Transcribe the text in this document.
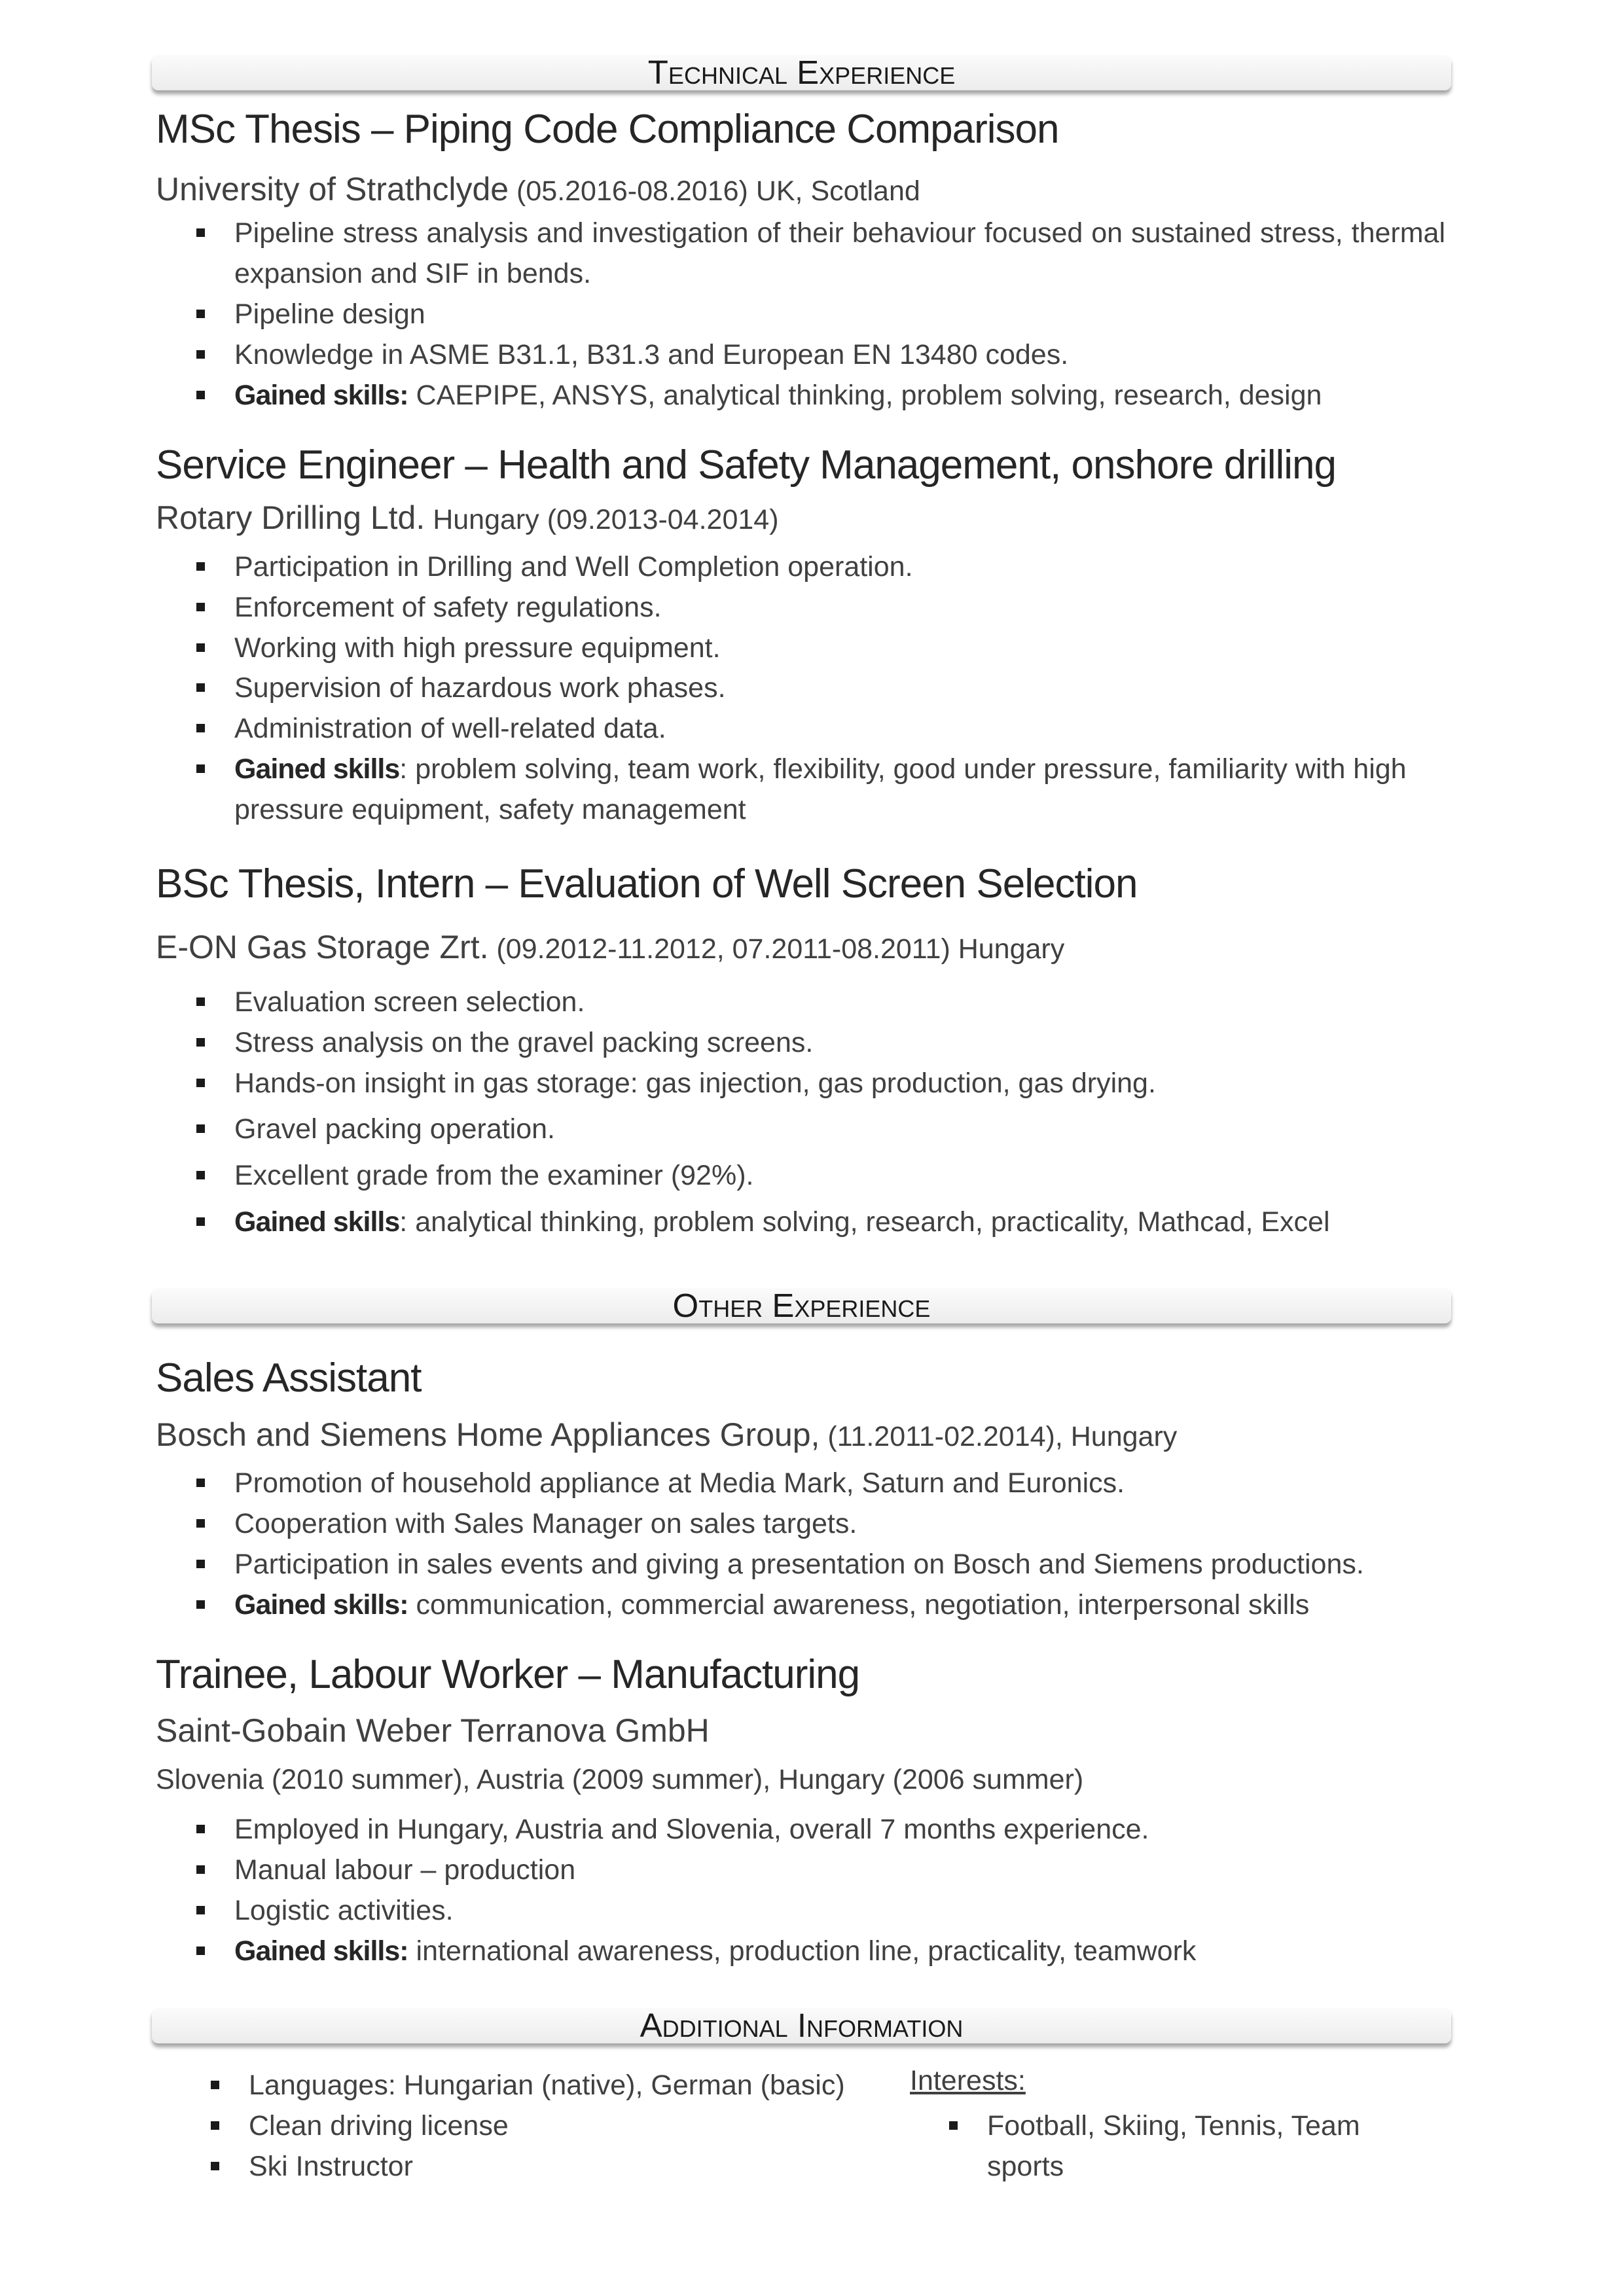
Technical Experience
MSc Thesis – Piping Code Compliance Comparison
University of Strathclyde (05.2016-08.2016) UK, Scotland
Pipeline stress analysis and investigation of their behaviour focused on sustained stress, thermal expansion and SIF in bends.
Pipeline design
Knowledge in ASME B31.1, B31.3 and European EN 13480 codes.
Gained skills: CAEPIPE, ANSYS, analytical thinking, problem solving, research, design
Service Engineer – Health and Safety Management, onshore drilling
Rotary Drilling Ltd. Hungary (09.2013-04.2014)
Participation in Drilling and Well Completion operation.
Enforcement of safety regulations.
Working with high pressure equipment.
Supervision of hazardous work phases.
Administration of well-related data.
Gained skills: problem solving, team work, flexibility, good under pressure, familiarity with high pressure equipment, safety management
BSc Thesis, Intern – Evaluation of Well Screen Selection
E-ON Gas Storage Zrt. (09.2012-11.2012, 07.2011-08.2011) Hungary
Evaluation screen selection.
Stress analysis on the gravel packing screens.
Hands-on insight in gas storage: gas injection, gas production, gas drying.
Gravel packing operation.
Excellent grade from the examiner (92%).
Gained skills: analytical thinking, problem solving, research, practicality, Mathcad, Excel
Other Experience
Sales Assistant
Bosch and Siemens Home Appliances Group, (11.2011-02.2014), Hungary
Promotion of household appliance at Media Mark, Saturn and Euronics.
Cooperation with Sales Manager on sales targets.
Participation in sales events and giving a presentation on Bosch and Siemens productions.
Gained skills: communication, commercial awareness, negotiation, interpersonal skills
Trainee, Labour Worker – Manufacturing
Saint-Gobain Weber Terranova GmbH
Slovenia (2010 summer), Austria (2009 summer), Hungary (2006 summer)
Employed in Hungary, Austria and Slovenia, overall 7 months experience.
Manual labour – production
Logistic activities.
Gained skills: international awareness, production line, practicality, teamwork
Additional Information
Languages: Hungarian (native), German (basic)
Clean driving license
Ski Instructor
Interests:
Football, Skiing, Tennis, Team sports
